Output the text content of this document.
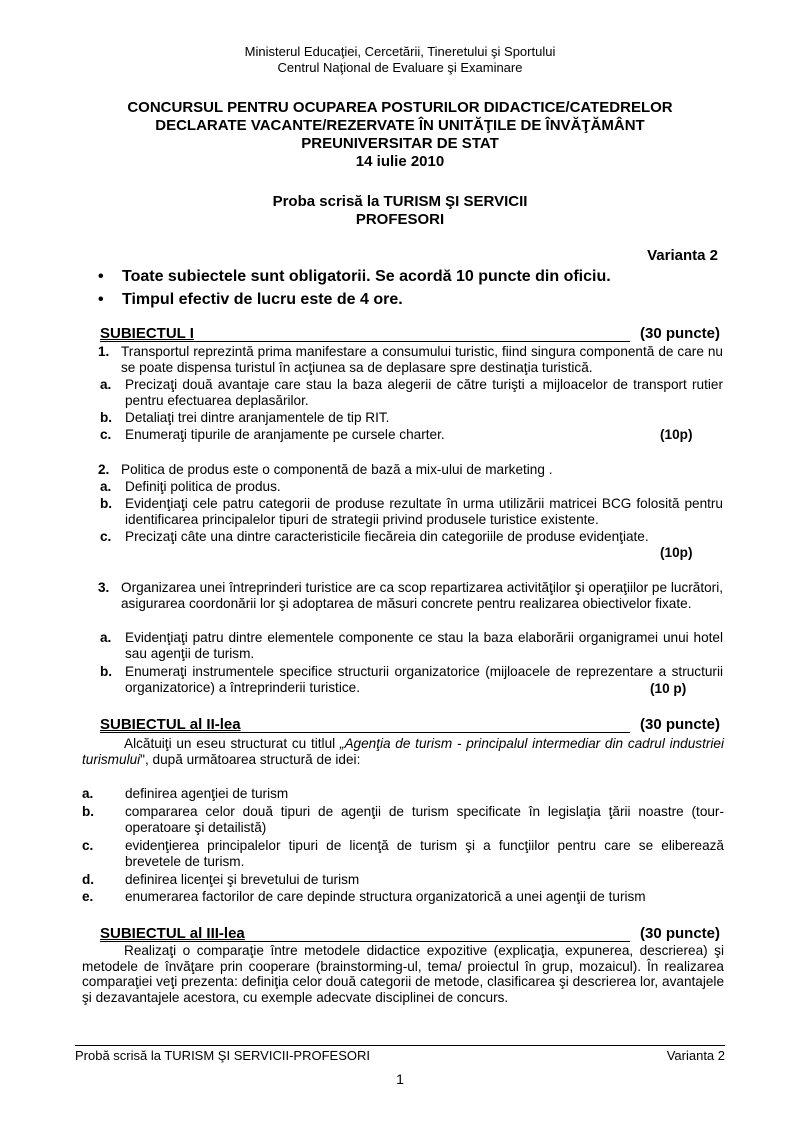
Ministerul Educaţiei, Cercetării, Tineretului şi Sportului
Centrul Naţional de Evaluare şi Examinare
CONCURSUL PENTRU OCUPAREA POSTURILOR DIDACTICE/CATEDRELOR
DECLARATE VACANTE/REZERVATE ÎN UNITĂŢILE DE ÎNVĂŢĂMÂNT
PREUNIVERSITAR DE STAT
14 iulie 2010
Proba scrisă la TURISM ŞI SERVICII
PROFESORI
Varianta 2
• Toate subiectele sunt obligatorii. Se acordă 10 puncte din oficiu.
• Timpul efectiv de lucru este de 4 ore.
SUBIECTUL I	(30 puncte)
1. Transportul reprezintă prima manifestare a consumului turistic, fiind singura componentă de care nu se poate dispensa turistul în acţiunea sa de deplasare spre destinaţia turistică.
a. Precizaţi două avantaje care stau la baza alegerii de către turişti a mijloacelor de transport rutier pentru efectuarea deplasărilor.
b. Detaliaţi trei dintre aranjamentele de tip RIT.
c. Enumeraţi tipurile de aranjamente pe cursele charter.	(10p)
2. Politica de produs este o componentă de bază a mix-ului de marketing .
a. Definiţi politica de produs.
b. Evidenţiaţi cele patru categorii de produse rezultate în urma utilizării matricei BCG folosită pentru identificarea principalelor tipuri de strategii privind produsele turistice existente.
c. Precizaţi câte una dintre caracteristicile fiecăreia din categoriile de produse evidenţiate.
(10p)
3. Organizarea unei întreprinderi turistice are ca scop repartizarea activităţilor şi operaţiilor pe lucrători, asigurarea coordonării lor şi adoptarea de măsuri concrete pentru realizarea obiectivelor fixate.
a. Evidenţiaţi patru dintre elementele componente ce stau la baza elaborării organigramei unui hotel sau agenţii de turism.
b. Enumeraţi instrumentele specifice structurii organizatorice (mijloacele de reprezentare a structurii organizatorice) a întreprinderii turistice.	(10 p)
SUBIECTUL al II-lea	(30 puncte)
Alcătuiţi un eseu structurat cu titlul „Agenţia de turism - principalul intermediar din cadrul industriei turismului", după următoarea structură de idei:
a. definirea agenţiei de turism
b. compararea celor două tipuri de agenţii de turism specificate în legislaţia ţării noastre (tour-operatoare şi detailistă)
c. evidenţierea principalelor tipuri de licenţă de turism şi a funcţiilor pentru care se eliberează brevetele de turism.
d. definirea licenţei şi brevetului de turism
e. enumerarea factorilor de care depinde structura organizatorică a unei agenţii de turism
SUBIECTUL al III-lea	(30 puncte)
Realizaţi o comparaţie între metodele didactice expozitive (explicaţia, expunerea, descrierea) şi metodele de învăţare prin cooperare (brainstorming-ul, tema/ proiectul în grup, mozaicul). În realizarea comparaţiei veţi prezenta: definiţia celor două categorii de metode, clasificarea şi descrierea lor, avantajele şi dezavantajele acestora, cu exemple adecvate disciplinei de concurs.
Probă scrisă la TURISM ŞI SERVICII-PROFESORI	Varianta 2
1
